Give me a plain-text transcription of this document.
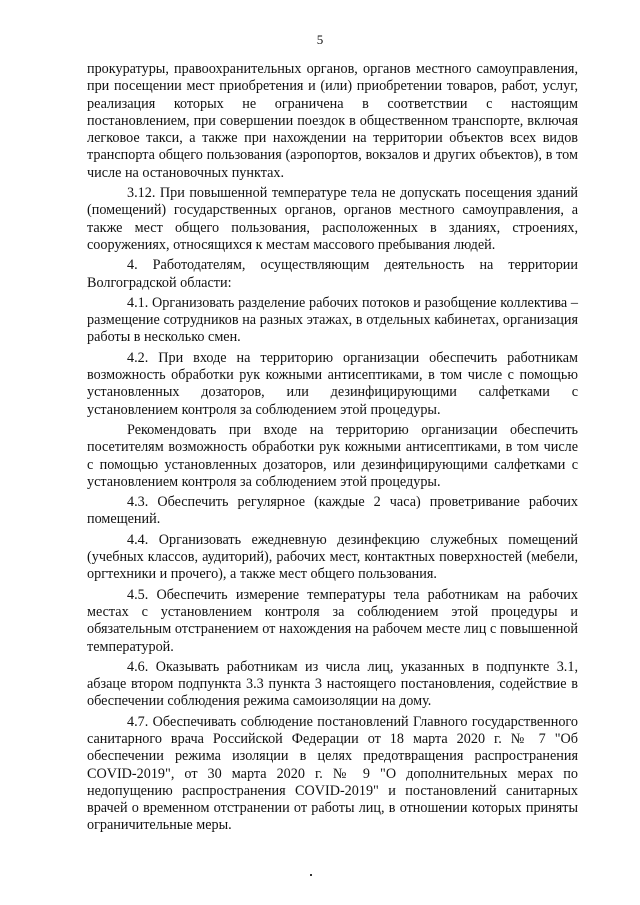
5

прокуратуры, правоохранительных органов, органов местного самоуправления, при посещении мест приобретения и (или) приобретении товаров, работ, услуг, реализация которых не ограничена в соответствии с настоящим постановлением, при совершении поездок в общественном транспорте, включая легковое такси, а также при нахождении на территории объектов всех видов транспорта общего пользования (аэропортов, вокзалов и других объектов), в том числе на остановочных пунктах.

3.12. При повышенной температуре тела не допускать посещения зданий (помещений) государственных органов, органов местного самоуправления, а также мест общего пользования, расположенных в зданиях, строениях, сооружениях, относящихся к местам массового пребывания людей.

4. Работодателям, осуществляющим деятельность на территории Волгоградской области:

4.1. Организовать разделение рабочих потоков и разобщение коллектива – размещение сотрудников на разных этажах, в отдельных кабинетах, организация работы в несколько смен.

4.2. При входе на территорию организации обеспечить работникам возможность обработки рук кожными антисептиками, в том числе с помощью установленных дозаторов, или дезинфицирующими салфетками с установлением контроля за соблюдением этой процедуры.

Рекомендовать при входе на территорию организации обеспечить посетителям возможность обработки рук кожными антисептиками, в том числе с помощью установленных дозаторов, или дезинфицирующими салфетками с установлением контроля за соблюдением этой процедуры.

4.3. Обеспечить регулярное (каждые 2 часа) проветривание рабочих помещений.

4.4. Организовать ежедневную дезинфекцию служебных помещений (учебных классов, аудиторий), рабочих мест, контактных поверхностей (мебели, оргтехники и прочего), а также мест общего пользования.

4.5. Обеспечить измерение температуры тела работникам на рабочих местах с установлением контроля за соблюдением этой процедуры и обязательным отстранением от нахождения на рабочем месте лиц с повышенной температурой.

4.6. Оказывать работникам из числа лиц, указанных в подпункте 3.1, абзаце втором подпункта 3.3 пункта 3 настоящего постановления, содействие в обеспечении соблюдения режима самоизоляции на дому.

4.7. Обеспечивать соблюдение постановлений Главного государственного санитарного врача Российской Федерации от 18 марта 2020 г. № 7 "Об обеспечении режима изоляции в целях предотвращения распространения COVID-2019", от 30 марта 2020 г. № 9 "О дополнительных мерах по недопущению распространения COVID-2019" и постановлений санитарных врачей о временном отстранении от работы лиц, в отношении которых приняты ограничительные меры.
